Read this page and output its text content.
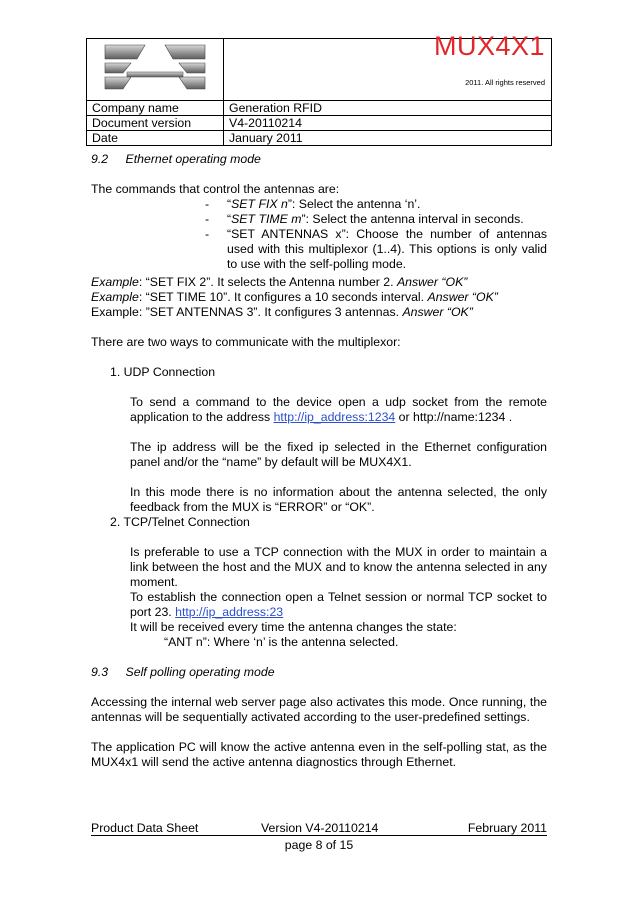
MUX4X1
2011. All rights reserved

Company name	Generation RFID
Document version	V4-20110214
Date	January 2011
9.2 Ethernet operating mode
The commands that control the antennas are:
- “SET FIX n”: Select the antenna ‘n’.
- “SET TIME m”: Select the antenna interval in seconds.
- “SET ANTENNAS x”: Choose the number of antennas used with this multiplexor (1..4). This options is only valid to use with the self-polling mode.
Example: “SET FIX 2”. It selects the Antenna number 2. Answer “OK”
Example: “SET TIME 10”. It configures a 10 seconds interval. Answer “OK”
Example: ”SET ANTENNAS 3”. It configures 3 antennas. Answer “OK”
There are two ways to communicate with the multiplexor:
1. UDP Connection
To send a command to the device open a udp socket from the remote application to the address http://ip_address:1234 or http://name:1234 .
The ip address will be the fixed ip selected in the Ethernet configuration panel and/or the “name” by default will be MUX4X1.
In this mode there is no information about the antenna selected, the only feedback from the MUX is “ERROR” or “OK”.
2. TCP/Telnet Connection
Is preferable to use a TCP connection with the MUX in order to maintain a link between the host and the MUX and to know the antenna selected in any moment.
To establish the connection open a Telnet session or normal TCP socket to port 23. http://ip_address:23
It will be received every time the antenna changes the state:
“ANT n”: Where ‘n’ is the antenna selected.
9.3 Self polling operating mode
Accessing the internal web server page also activates this mode. Once running, the antennas will be sequentially activated according to the user-predefined settings.
The application PC will know the active antenna even in the self-polling stat, as the MUX4x1 will send the active antenna diagnostics through Ethernet.
Product Data Sheet	Version V4-20110214	February 2011
page 8 of 15
